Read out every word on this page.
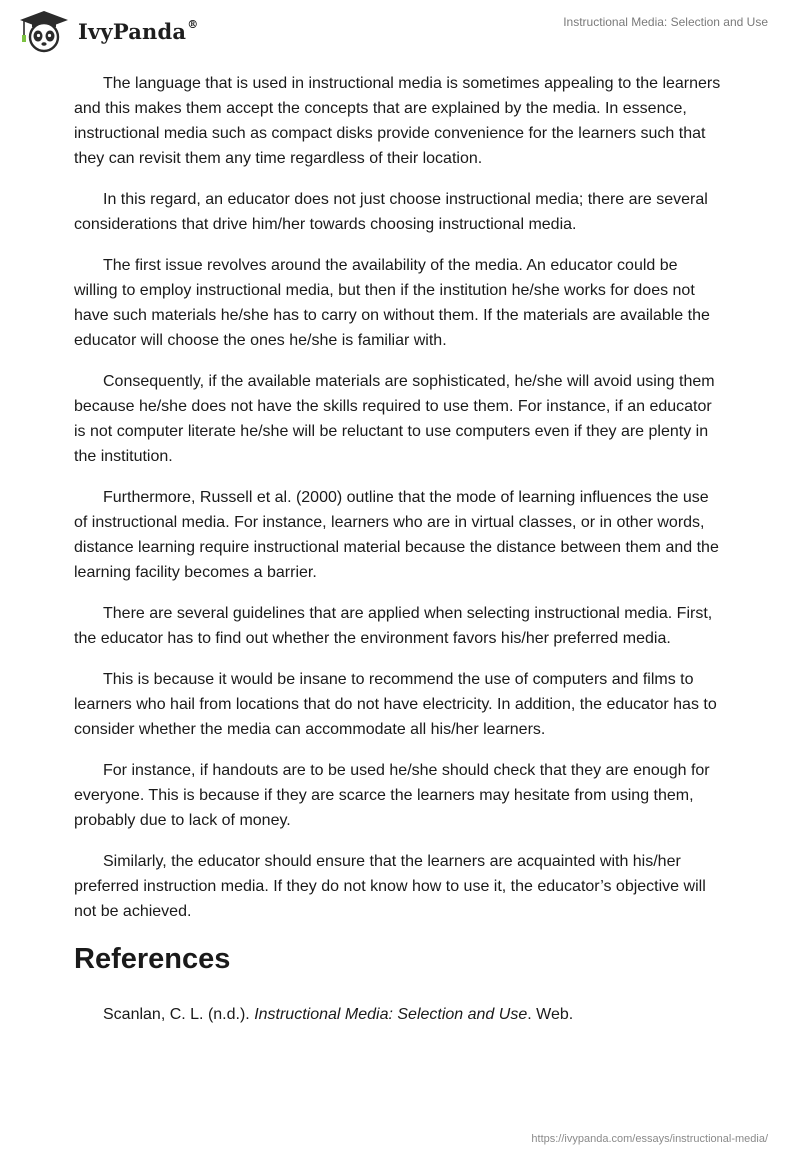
IvyPanda®	Instructional Media: Selection and Use

The language that is used in instructional media is sometimes appealing to the learners and this makes them accept the concepts that are explained by the media. In essence, instructional media such as compact disks provide convenience for the learners such that they can revisit them any time regardless of their location.

In this regard, an educator does not just choose instructional media; there are several considerations that drive him/her towards choosing instructional media.

The first issue revolves around the availability of the media. An educator could be willing to employ instructional media, but then if the institution he/she works for does not have such materials he/she has to carry on without them. If the materials are available the educator will choose the ones he/she is familiar with.

Consequently, if the available materials are sophisticated, he/she will avoid using them because he/she does not have the skills required to use them. For instance, if an educator is not computer literate he/she will be reluctant to use computers even if they are plenty in the institution.

Furthermore, Russell et al. (2000) outline that the mode of learning influences the use of instructional media. For instance, learners who are in virtual classes, or in other words, distance learning require instructional material because the distance between them and the learning facility becomes a barrier.

There are several guidelines that are applied when selecting instructional media. First, the educator has to find out whether the environment favors his/her preferred media.

This is because it would be insane to recommend the use of computers and films to learners who hail from locations that do not have electricity. In addition, the educator has to consider whether the media can accommodate all his/her learners.

For instance, if handouts are to be used he/she should check that they are enough for everyone. This is because if they are scarce the learners may hesitate from using them, probably due to lack of money.

Similarly, the educator should ensure that the learners are acquainted with his/her preferred instruction media. If they do not know how to use it, the educator’s objective will not be achieved.

References

Scanlan, C. L. (n.d.). Instructional Media: Selection and Use. Web.

https://ivypanda.com/essays/instructional-media/
